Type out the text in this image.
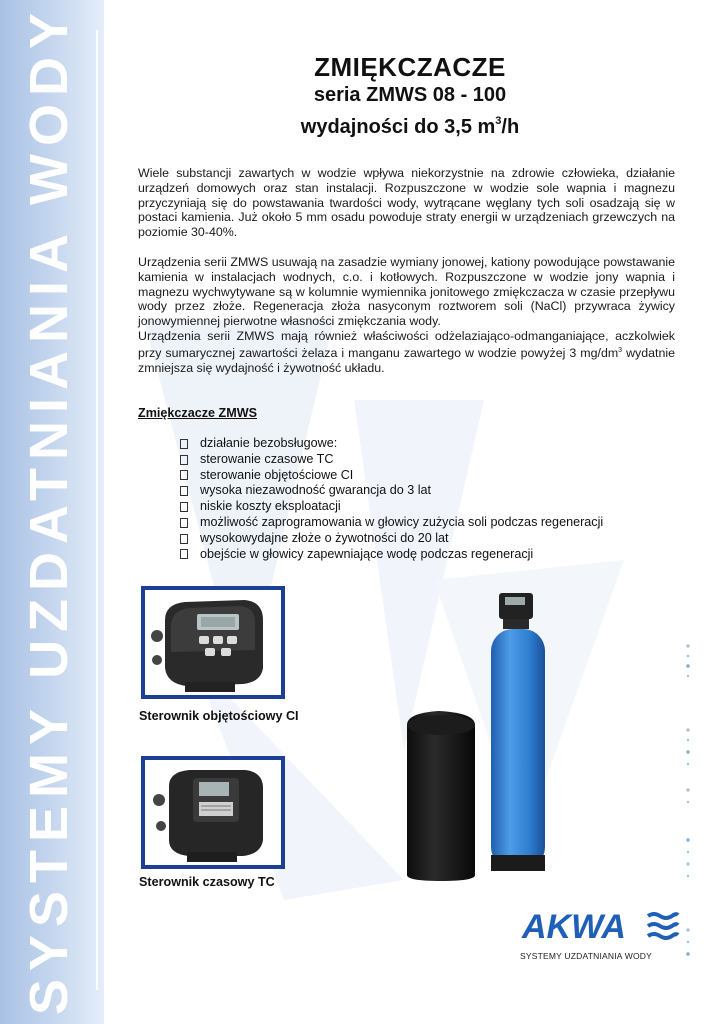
SYSTEMY UZDATNIANIA WODY	ZMIĘKCZACZE
seria ZMWS 08 - 100
wydajności do 3,5 $m^3/h$

Wiele substancji zawartych w wodzie wpływa niekorzystnie na zdrowie człowieka, działanie urządzeń domowych oraz stan instalacji. Rozpuszczone w wodzie sole wapnia i magnezu przyczyniają się do powstawania twardości wody, wytrącane węglany tych soli osadzają się w postaci kamienia. Już około 5 mm osadu powoduje straty energii w urządzeniach grzewczych na poziomie 30-40%.

Urządzenia serii ZMWS usuwają na zasadzie wymiany jonowej, kationy powodujące powstawanie kamienia w instalacjach wodnych, c.o. i kotłowych. Rozpuszczone w wodzie jony wapnia i magnezu wychwytywane są w kolumnie wymiennika jonitowego zmiękczacza w czasie przepływu wody przez złoże. Regeneracja złoża nasyconym roztworem soli (NaCl) przywraca żywicy jonowymiennej pierwotne własności zmiękczania wody.

Urządzenia serii ZMWS mają również właściwości odżelaziająco-odmanganiające, aczkolwiek przy sumarycznej zawartości żelaza i manganu zawartego w wodzie powyżej 3 $mg/dm^3$ wydatnie zmniejsza się wydajność i żywotność układu.

Zmiękczacze ZMWS
działanie bezobsługowe:
sterowanie czasowe TC
sterowanie objętościowe CI
wysoka niezawodność gwarancja do 3 lat
niskie koszty eksploatacji
możliwość zaprogramowania w głowicy zużycia soli podczas regeneracji
wysokowydajne złoże o żywotności do 20 lat
obejście w głowicy zapewniające wodę podczas regeneracji
Sterownik objętościowy CI
Sterownik czasowy TC
AKWA
SYSTEMY UZDATNIANIA WODY
